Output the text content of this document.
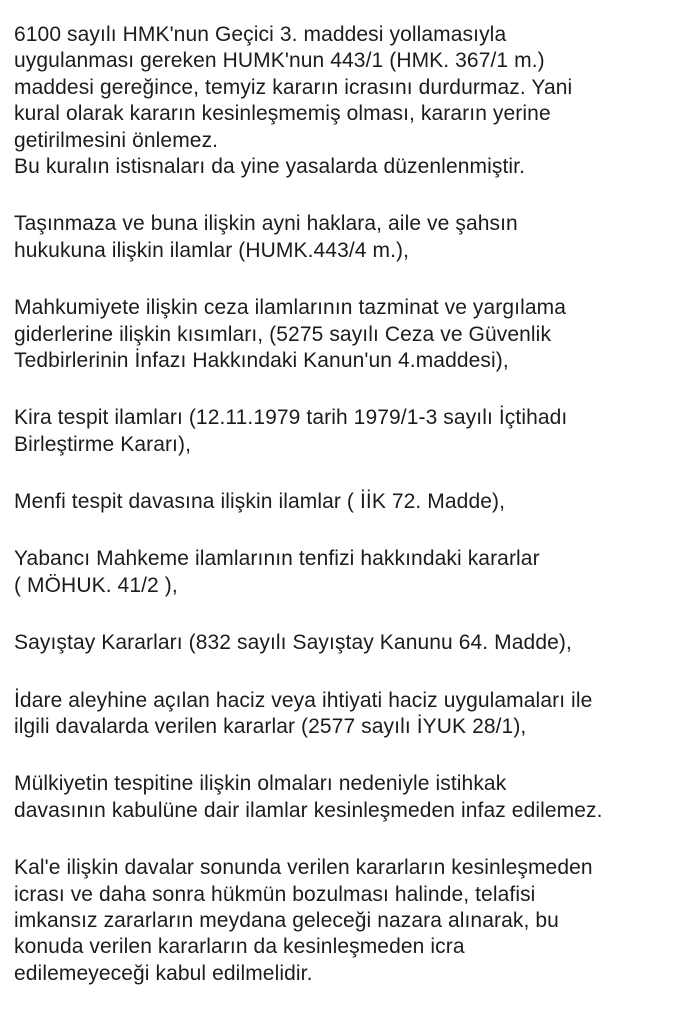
6100 sayılı HMK'nun Geçici 3. maddesi yollamasıyla
uygulanması gereken HUMK'nun 443/1 (HMK. 367/1 m.)
maddesi gereğince, temyiz kararın icrasını durdurmaz. Yani
kural olarak kararın kesinleşmemiş olması, kararın yerine
getirilmesini önlemez.
Bu kuralın istisnaları da yine yasalarda düzenlenmiştir.
Taşınmaza ve buna ilişkin ayni haklara, aile ve şahsın
hukukuna ilişkin ilamlar (HUMK.443/4 m.),
Mahkumiyete ilişkin ceza ilamlarının tazminat ve yargılama
giderlerine ilişkin kısımları, (5275 sayılı Ceza ve Güvenlik
Tedbirlerinin İnfazı Hakkındaki Kanun'un 4.maddesi),
Kira tespit ilamları (12.11.1979 tarih 1979/1-3 sayılı İçtihadı
Birleştirme Kararı),
Menfi tespit davasına ilişkin ilamlar ( İİK 72. Madde),
Yabancı Mahkeme ilamlarının tenfizi hakkındaki kararlar
( MÖHUK. 41/2 ),
Sayıştay Kararları (832 sayılı Sayıştay Kanunu 64. Madde),
İdare aleyhine açılan haciz veya ihtiyati haciz uygulamaları ile
ilgili davalarda verilen kararlar (2577 sayılı İYUK 28/1),
Mülkiyetin tespitine ilişkin olmaları nedeniyle istihkak
davasının kabulüne dair ilamlar kesinleşmeden infaz edilemez.
Kal'e ilişkin davalar sonunda verilen kararların kesinleşmeden
icrası ve daha sonra hükmün bozulması halinde, telafisi
imkansız zararların meydana geleceği nazara alınarak, bu
konuda verilen kararların da kesinleşmeden icra
edilemeyeceği kabul edilmelidir.
